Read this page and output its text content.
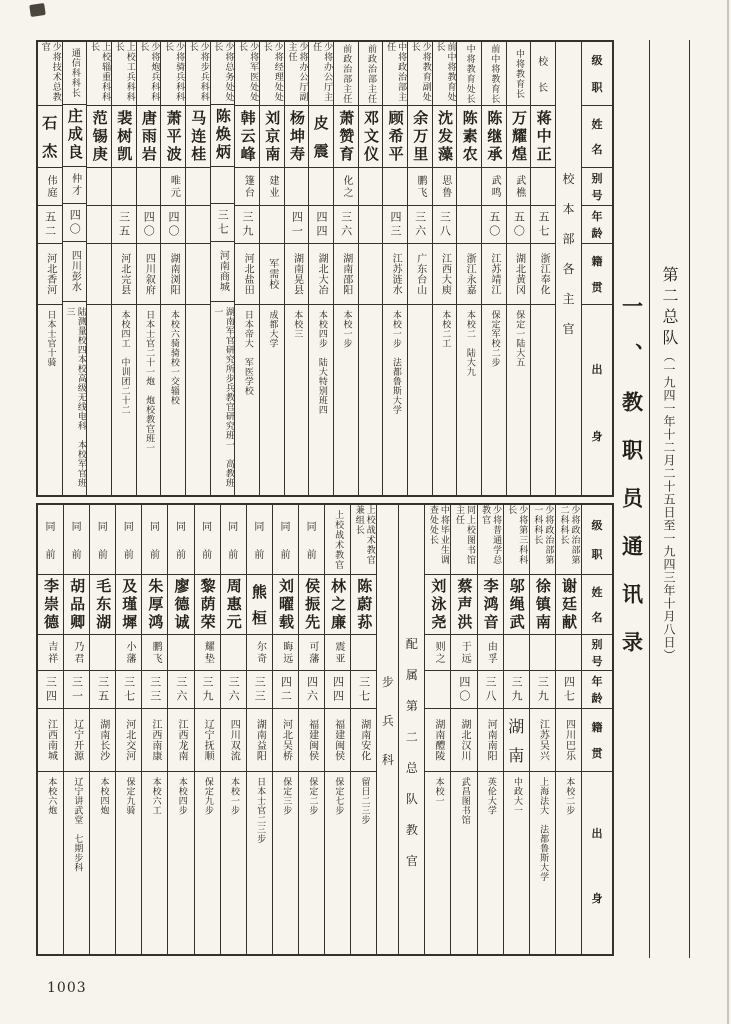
级
职
姓
名
别
号
年
龄
籍
贯
出
身
校
本
部
各
主
官
校
长
蒋中正
五七
浙江奉化
中将教育长
万耀煌
武樵
五〇
湖北黄冈
保定一陆大五
前中将教育长
陈继承
武鸣
五〇
江苏靖江
保定军校二步
中将教育处长
陈素农
浙江永嘉
本校二　陆大九
前中将教育处长
沈发藻
思鲁
三八
江西大庾
本校二工
少将教育副处长
余万里
鹏飞
三六
广东台山
中将政治部主任
顾希平
四三
江苏涟水
本校一步　法都鲁斯大学
前政治部主任
邓文仪
前政治部主任
萧赞育
化之
三六
湖南邵阳
本校一步
少将办公厅主任
皮
震
四四
湖北大冶
本校四步　陆大特别班四
少将办公厅副主任
杨坤寿
四一
湖南晃县
本校三
少将经理处处长
刘京南
建业
军需校
成都大学
少将军医处处长
韩云峰
篷台
三九
河北盐田
日本帝大　军医学校
少将总务处处长
陈焕炳
三七
河南商城
湖南军官研究所步兵教官研究班一　高教班一
少将步兵科科长
马连桂
少将骑兵科科长
萧平波
唯元
四〇
湖南浏阳
本校六骑骑校一交辎校
少将炮兵科科长
唐雨岩
四〇
四川叙府
日本士官二十一炮　炮校教官班一
上校工兵科科长
裴树凯
三五
河北完县
本校四工　中训团二十二
上校辎重科科长
范锡庚
通信科科长
庄成良
仲才
四〇
四川彭水
陆测量校四本校高级无线电科　本校军官班三
少将技术总教官
石
杰
伟庭
五二
河北香河
日本士官十骑
级
职
姓
名
别
号
年
龄
籍
贯
出
身
少将政治部第二科科长
谢廷献
四七
四川巴乐
本校二步
少将政治部第一科科长
徐镇南
三九
江苏吴兴
上海法大　法都鲁斯大学
少将第三科科长
邬绳武
三九
湖
南
中政大一
少将普通学总教官
李鸿音
由孚
三八
河南南阳
英伦大学
同上校图书馆主任
蔡声洪
于远
四〇
湖北汉川
武昌图书馆
中将毕业生调查处处长
刘泳尧
则之
湖南醴陵
本校一
配
属
第
二
总
队
教
官
步
兵
科
上校战术教官兼组长
陈蔚荪
三七
湖南安化
留日二三步
上校战术教官
林之廉
震亚
四四
福建闽侯
保定七步
同
前
侯振先
可藩
四六
福建闽侯
保定二步
同
前
刘曜载
晦远
四二
河北吴桥
保定三步
同
前
熊
桓
尔奇
三三
湖南益阳
日本士官二三步
同
前
周惠元
三六
四川双流
本校一步
同
前
黎荫荣
耀垫
三九
辽宁抚顺
保定九步
同
前
廖德诚
三六
江西龙南
本校四步
同
前
朱厚鸿
鹏飞
三三
江西南康
本校六工
同
前
及瑾墀
小藩
三七
河北交河
保定九骑
同
前
毛东湖
三五
湖南长沙
本校四炮
同
前
胡品卿
乃君
三一
辽宁开源
辽宁讲武堂　七期步科
同
前
李崇德
吉祥
三四
江西南城
本校六炮
一、教职员通讯录 第二总队（一九四一年十二月二十五日至一九四三年十月八日）
1003
